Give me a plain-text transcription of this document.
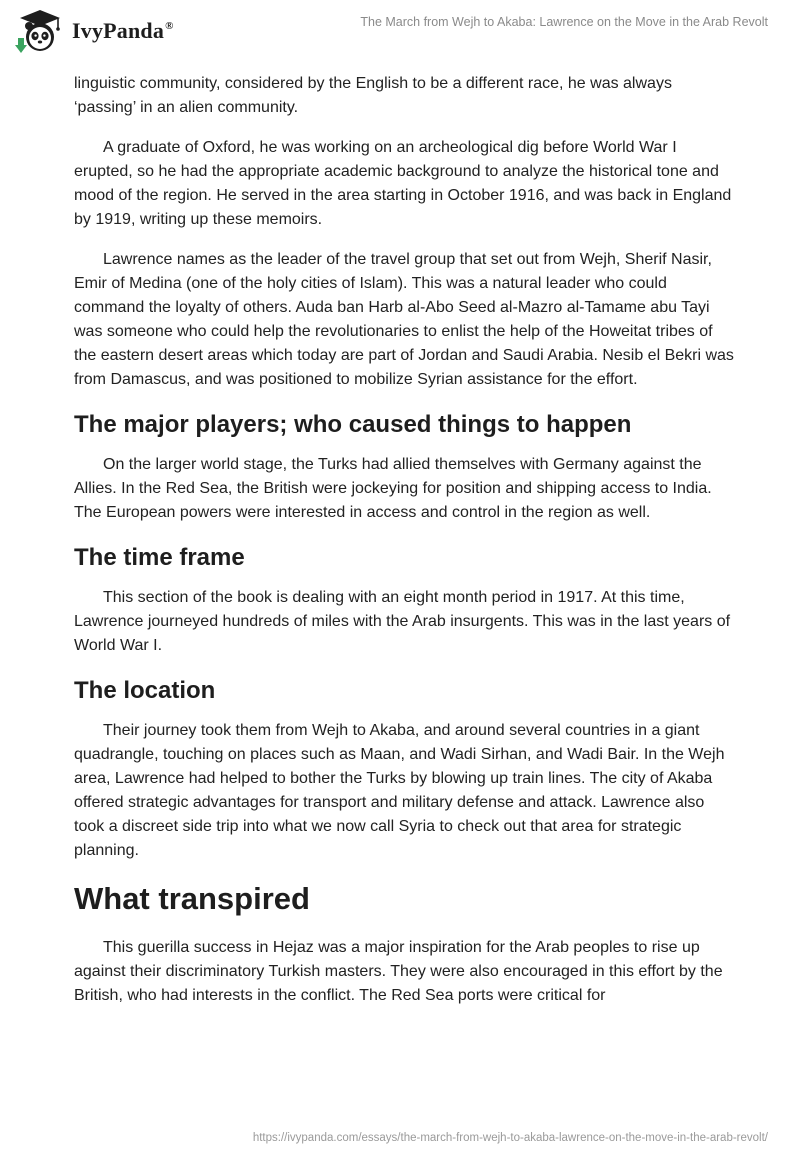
IvyPanda®	The March from Wejh to Akaba: Lawrence on the Move in the Arab Revolt

linguistic community, considered by the English to be a different race, he was always ‘passing’ in an alien community.

A graduate of Oxford, he was working on an archeological dig before World War I erupted, so he had the appropriate academic background to analyze the historical tone and mood of the region. He served in the area starting in October 1916, and was back in England by 1919, writing up these memoirs.

Lawrence names as the leader of the travel group that set out from Wejh, Sherif Nasir, Emir of Medina (one of the holy cities of Islam). This was a natural leader who could command the loyalty of others. Auda ban Harb al-Abo Seed al-Mazro al-Tamame abu Tayi was someone who could help the revolutionaries to enlist the help of the Howeitat tribes of the eastern desert areas which today are part of Jordan and Saudi Arabia. Nesib el Bekri was from Damascus, and was positioned to mobilize Syrian assistance for the effort.

The major players; who caused things to happen

On the larger world stage, the Turks had allied themselves with Germany against the Allies. In the Red Sea, the British were jockeying for position and shipping access to India. The European powers were interested in access and control in the region as well.

The time frame

This section of the book is dealing with an eight month period in 1917. At this time, Lawrence journeyed hundreds of miles with the Arab insurgents. This was in the last years of World War I.

The location

Their journey took them from Wejh to Akaba, and around several countries in a giant quadrangle, touching on places such as Maan, and Wadi Sirhan, and Wadi Bair. In the Wejh area, Lawrence had helped to bother the Turks by blowing up train lines. The city of Akaba offered strategic advantages for transport and military defense and attack. Lawrence also took a discreet side trip into what we now call Syria to check out that area for strategic planning.

What transpired

This guerilla success in Hejaz was a major inspiration for the Arab peoples to rise up against their discriminatory Turkish masters. They were also encouraged in this effort by the British, who had interests in the conflict. The Red Sea ports were critical for

https://ivypanda.com/essays/the-march-from-wejh-to-akaba-lawrence-on-the-move-in-the-arab-revolt/
